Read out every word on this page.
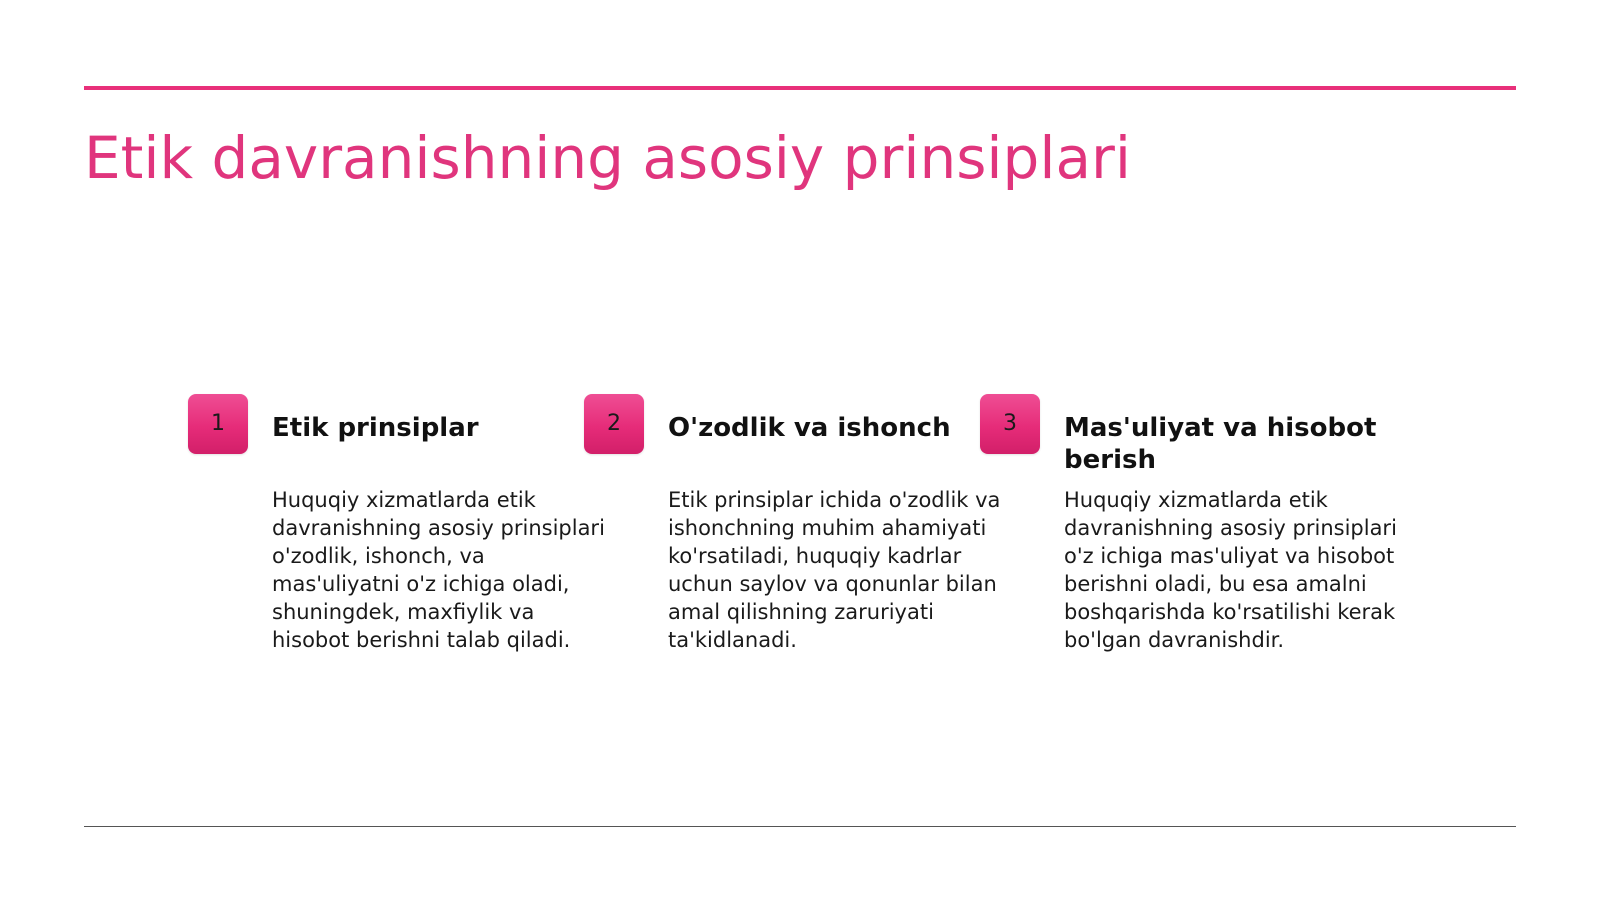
Etik davranishning asosiy prinsiplari
1	Etik prinsiplar

Huquqiy xizmatlarda etik davranishning asosiy prinsiplari o'zodlik, ishonch, va mas'uliyatni o'z ichiga oladi, shuningdek, maxfiylik va hisobot berishni talab qiladi.

2	O'zodlik va ishonch

Etik prinsiplar ichida o'zodlik va ishonchning muhim ahamiyati ko'rsatiladi, huquqiy kadrlar uchun saylov va qonunlar bilan amal qilishning zaruriyati ta'kidlanadi.

3	Mas'uliyat va hisobot berish

Huquqiy xizmatlarda etik davranishning asosiy prinsiplari o'z ichiga mas'uliyat va hisobot berishni oladi, bu esa amalni boshqarishda ko'rsatilishi kerak bo'lgan davranishdir.
